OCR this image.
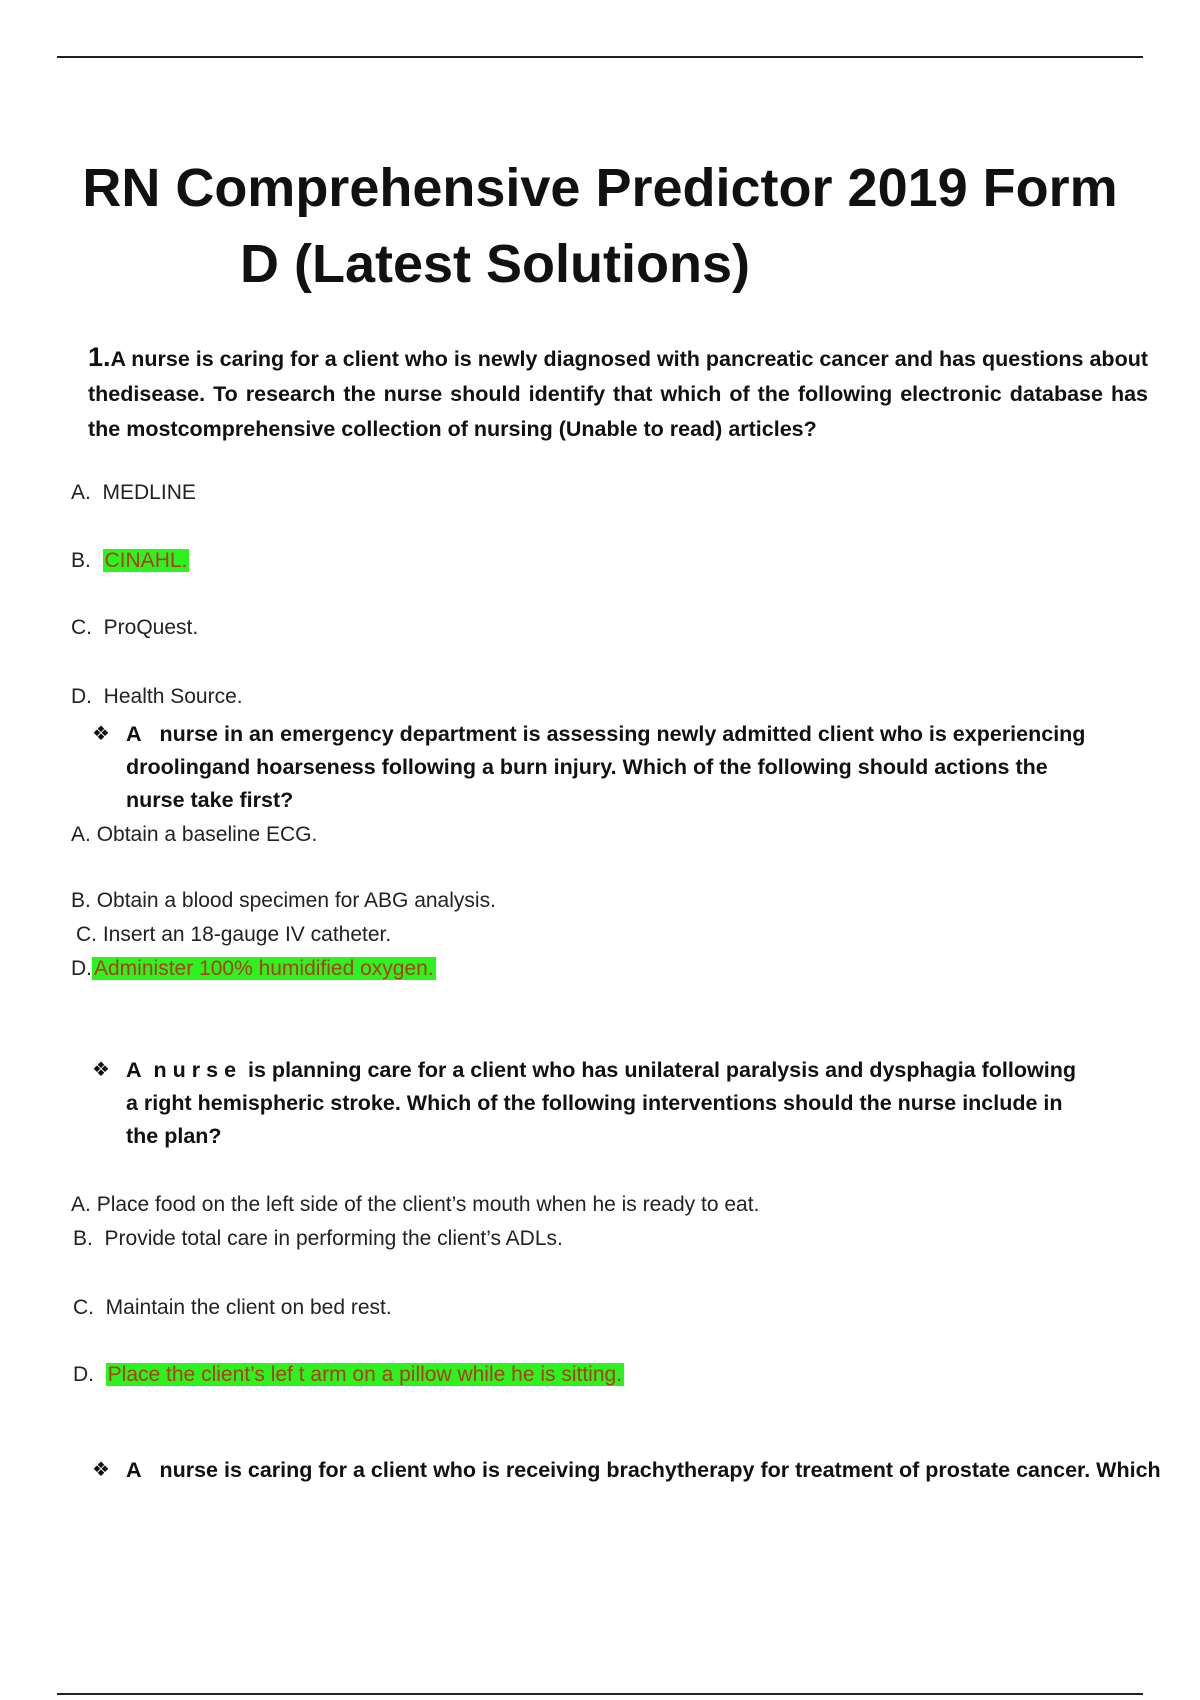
RN Comprehensive Predictor 2019 Form
D (Latest Solutions)
1.A nurse is caring for a client who is newly diagnosed with pancreatic cancer and has questions about thedisease. To research the nurse should identify that which of the following electronic database has the mostcomprehensive collection of nursing (Unable to read) articles?
A. MEDLINE
B. CINAHL.
C. ProQuest.
D. Health Source.
❖ A nurse in an emergency department is assessing newly admitted client who is experiencing droolingand hoarseness following a burn injury. Which of the following should actions the nurse take first?
A. Obtain a baseline ECG.
B. Obtain a blood specimen for ABG analysis.
C. Insert an 18-gauge IV catheter.
D.Administer 100% humidified oxygen.
❖ A nurse is planning care for a client who has unilateral paralysis and dysphagia following a right hemispheric stroke. Which of the following interventions should the nurse include in the plan?
A. Place food on the left side of the client’s mouth when he is ready to eat.
B. Provide total care in performing the client’s ADLs.
C. Maintain the client on bed rest.
D. Place the client’s lef t arm on a pillow while he is sitting.
❖ A nurse is caring for a client who is receiving brachytherapy for treatment of prostate cancer. Which
